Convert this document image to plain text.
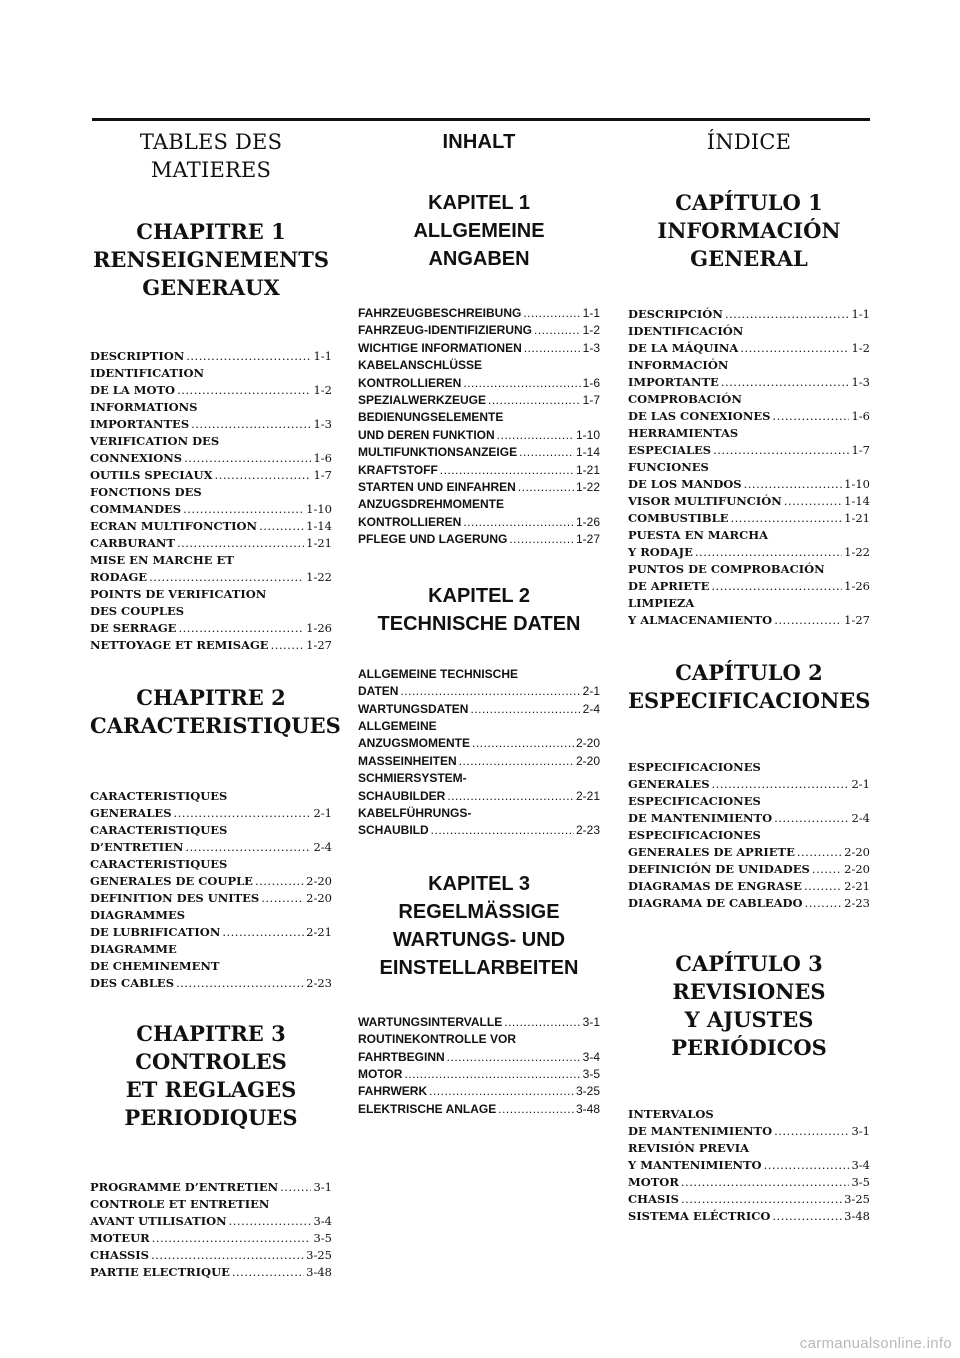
TABLES DES MATIERES
CHAPITRE 1
RENSEIGNEMENTS
GENERAUX
DESCRIPTION .....	1-1
IDENTIFICATION
DE LA MOTO .....	1-2
INFORMATIONS
IMPORTANTES .....	1-3
VERIFICATION DES
CONNEXIONS .....	1-6
OUTILS SPECIAUX .....	1-7
FONCTIONS DES
COMMANDES .....	1-10
ECRAN MULTIFONCTION .....	1-14
CARBURANT .....	1-21
MISE EN MARCHE ET
RODAGE .....	1-22
POINTS DE VERIFICATION
DES COUPLES
DE SERRAGE .....	1-26
NETTOYAGE ET REMISAGE .....	1-27
CHAPITRE 2
CARACTERISTIQUES
CARACTERISTIQUES
GENERALES .....	2-1
CARACTERISTIQUES
D’ENTRETIEN .....	2-4
CARACTERISTIQUES
GENERALES DE COUPLE .....	2-20
DEFINITION DES UNITES .....	2-20
DIAGRAMMES
DE LUBRIFICATION .....	2-21
DIAGRAMME
DE CHEMINEMENT
DES CABLES .....	2-23
CHAPITRE 3
CONTROLES
ET REGLAGES
PERIODIQUES
PROGRAMME D’ENTRETIEN .....	3-1
CONTROLE ET ENTRETIEN
AVANT UTILISATION .....	3-4
MOTEUR .....	3-5
CHASSIS .....	3-25
PARTIE ELECTRIQUE .....	3-48
INHALT
KAPITEL 1
ALLGEMEINE
ANGABEN
FAHRZEUGBESCHREIBUNG .....	1-1
FAHRZEUG-IDENTIFIZIERUNG .....	1-2
WICHTIGE INFORMATIONEN .....	1-3
KABELANSCHLÜSSE
KONTROLLIEREN .....	1-6
SPEZIALWERKZEUGE .....	1-7
BEDIENUNGSELEMENTE
UND DEREN FUNKTION .....	1-10
MULTIFUNKTIONSANZEIGE .....	1-14
KRAFTSTOFF .....	1-21
STARTEN UND EINFAHREN .....	1-22
ANZUGSDREHMOMENTE
KONTROLLIEREN .....	1-26
PFLEGE UND LAGERUNG .....	1-27
KAPITEL 2
TECHNISCHE DATEN
ALLGEMEINE TECHNISCHE
DATEN .....	2-1
WARTUNGSDATEN .....	2-4
ALLGEMEINE
ANZUGSMOMENTE .....	2-20
MASSEINHEITEN .....	2-20
SCHMIERSYSTEM-
SCHAUBILDER .....	2-21
KABELFÜHRUNGS-
SCHAUBILD .....	2-23
KAPITEL 3
REGELMÄSSIGE
WARTUNGS- UND
EINSTELLARBEITEN
WARTUNGSINTERVALLE .....	3-1
ROUTINEKONTROLLE VOR
FAHRTBEGINN .....	3-4
MOTOR .....	3-5
FAHRWERK .....	3-25
ELEKTRISCHE ANLAGE .....	3-48
ÍNDICE
CAPÍTULO 1
INFORMACIÓN
GENERAL
DESCRIPCIÓN .....	1-1
IDENTIFICACIÓN
DE LA MÁQUINA .....	1-2
INFORMACIÓN
IMPORTANTE .....	1-3
COMPROBACIÓN
DE LAS CONEXIONES .....	1-6
HERRAMIENTAS
ESPECIALES .....	1-7
FUNCIONES
DE LOS MANDOS .....	1-10
VISOR MULTIFUNCIÓN .....	1-14
COMBUSTIBLE .....	1-21
PUESTA EN MARCHA
Y RODAJE .....	1-22
PUNTOS DE COMPROBACIÓN
DE APRIETE .....	1-26
LIMPIEZA
Y ALMACENAMIENTO .....	1-27
CAPÍTULO 2
ESPECIFICACIONES
ESPECIFICACIONES
GENERALES .....	2-1
ESPECIFICACIONES
DE MANTENIMIENTO .....	2-4
ESPECIFICACIONES
GENERALES DE APRIETE .....	2-20
DEFINICIÓN DE UNIDADES .....	2-20
DIAGRAMAS DE ENGRASE .....	2-21
DIAGRAMA DE CABLEADO .....	2-23
CAPÍTULO 3
REVISIONES
Y AJUSTES
PERIÓDICOS
INTERVALOS
DE MANTENIMIENTO .....	3-1
REVISIÓN PREVIA
Y MANTENIMIENTO .....	3-4
MOTOR .....	3-5
CHASIS .....	3-25
SISTEMA ELÉCTRICO .....	3-48
carmanualsonline.info
